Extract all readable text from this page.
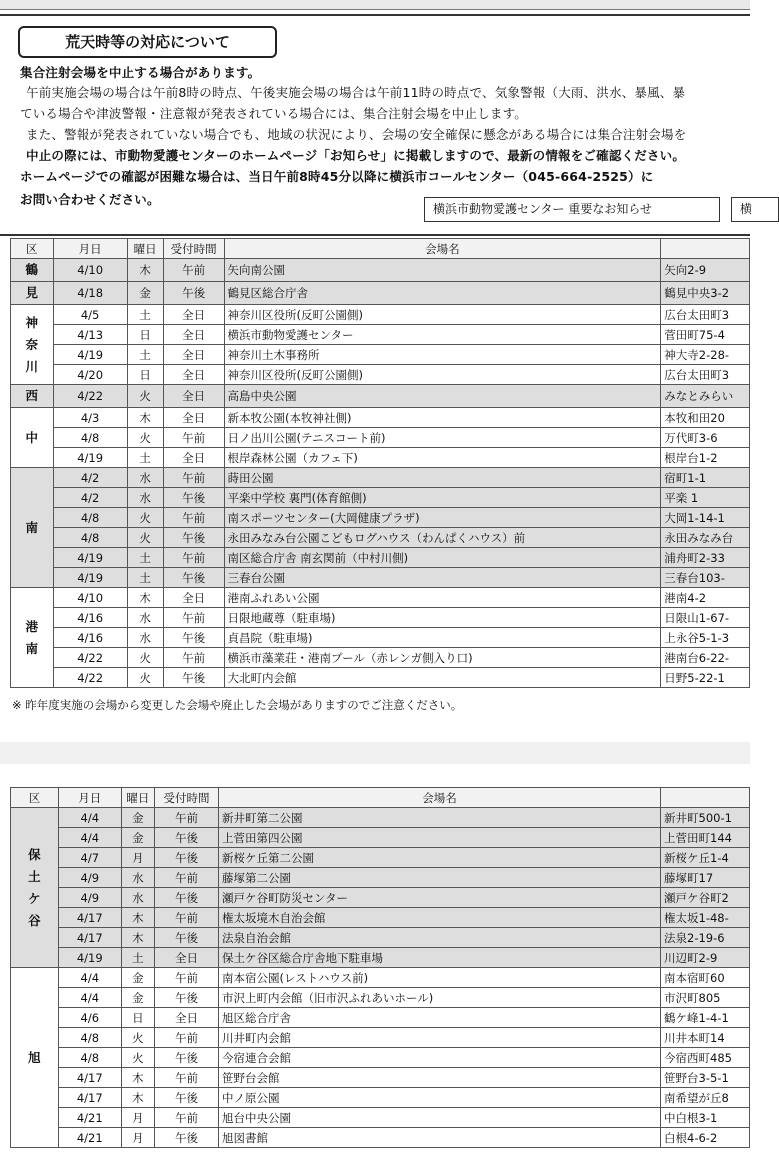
荒天時等の対応について
集合注射会場を中止する場合があります。
午前実施会場の場合は午前8時の時点、午後実施会場の場合は午前11時の時点で、気象警報（大雨、洪水、暴風、暴
ている場合や津波警報・注意報が発表されている場合には、集合注射会場を中止します。
また、警報が発表されていない場合でも、地域の状況により、会場の安全確保に懸念がある場合には集合注射会場を
中止の際には、市動物愛護センターのホームページ「お知らせ」に掲載しますので、最新の情報をご確認ください。
ホームページでの確認が困難な場合は、当日午前8時45分以降に横浜市コールセンター（045-664-2525）に
お問い合わせください。
横浜市動物愛護センター 重要なお知らせ	横
区	月日	曜日	受付時間	会場名	
鶴	4/10	木	午前	矢向南公園	矢向2-9
見	4/18	金	午後	鶴見区総合庁舎	鶴見中央3-2
神
奈
川	4/5	土	全日	神奈川区役所(反町公園側)	広台太田町3
	4/13	日	全日	横浜市動物愛護センター	菅田町75-4
	4/19	土	全日	神奈川土木事務所	神大寺2-28-
	4/20	日	全日	神奈川区役所(反町公園側)	広台太田町3
西	4/22	火	全日	高島中央公園	みなとみらい
中	4/3	木	全日	新本牧公園(本牧神社側)	本牧和田20
	4/8	火	午前	日ノ出川公園(テニスコート前)	万代町3-6
	4/19	土	全日	根岸森林公園（カフェ下)	根岸台1-2
南	4/2	水	午前	蒔田公園	宿町1-1
	4/2	水	午後	平楽中学校 裏門(体育館側)	平楽 1
	4/8	火	午前	南スポーツセンター(大岡健康プラザ)	大岡1-14-1
	4/8	火	午後	永田みなみ台公園こどもログハウス（わんぱくハウス）前	永田みなみ台
	4/19	土	午前	南区総合庁舎 南玄関前（中村川側)	浦舟町2-33
	4/19	土	午後	三春台公園	三春台103-
港
南	4/10	木	全日	港南ふれあい公園	港南4-2
	4/16	水	午前	日限地蔵尊（駐車場)	日限山1-67-
	4/16	水	午後	貞昌院（駐車場)	上永谷5-1-3
	4/22	火	午前	横浜市藻業荘・港南プール（赤レンガ側入り口)	港南台6-22-
	4/22	火	午後	大北町内会館	日野5-22-1
※ 昨年度実施の会場から変更した会場や廃止した会場がありますのでご注意ください。
区	月日	曜日	受付時間	会場名	
保
土
ケ
谷	4/4	金	午前	新井町第二公園	新井町500-1
	4/4	金	午後	上菅田第四公園	上菅田町144
	4/7	月	午後	新桜ケ丘第二公園	新桜ケ丘1-4
	4/9	水	午前	藤塚第二公園	藤塚町17
	4/9	水	午後	瀬戸ケ谷町防災センター	瀬戸ケ谷町2
	4/17	木	午前	権太坂境木自治会館	権太坂1-48-
	4/17	木	午後	法泉自治会館	法泉2-19-6
	4/19	土	全日	保土ケ谷区総合庁舎地下駐車場	川辺町2-9
旭	4/4	金	午前	南本宿公園(レストハウス前)	南本宿町60
	4/4	金	午後	市沢上町内会館（旧市沢ふれあいホール)	市沢町805
	4/6	日	全日	旭区総合庁舎	鶴ケ峰1-4-1
	4/8	火	午前	川井町内会館	川井本町14
	4/8	火	午後	今宿連合会館	今宿西町485
	4/17	木	午前	笹野台会館	笹野台3-5-1
	4/17	木	午後	中ノ原公園	南希望が丘8
	4/21	月	午前	旭台中央公園	中白根3-1
	4/21	月	午後	旭図書館	白根4-6-2
